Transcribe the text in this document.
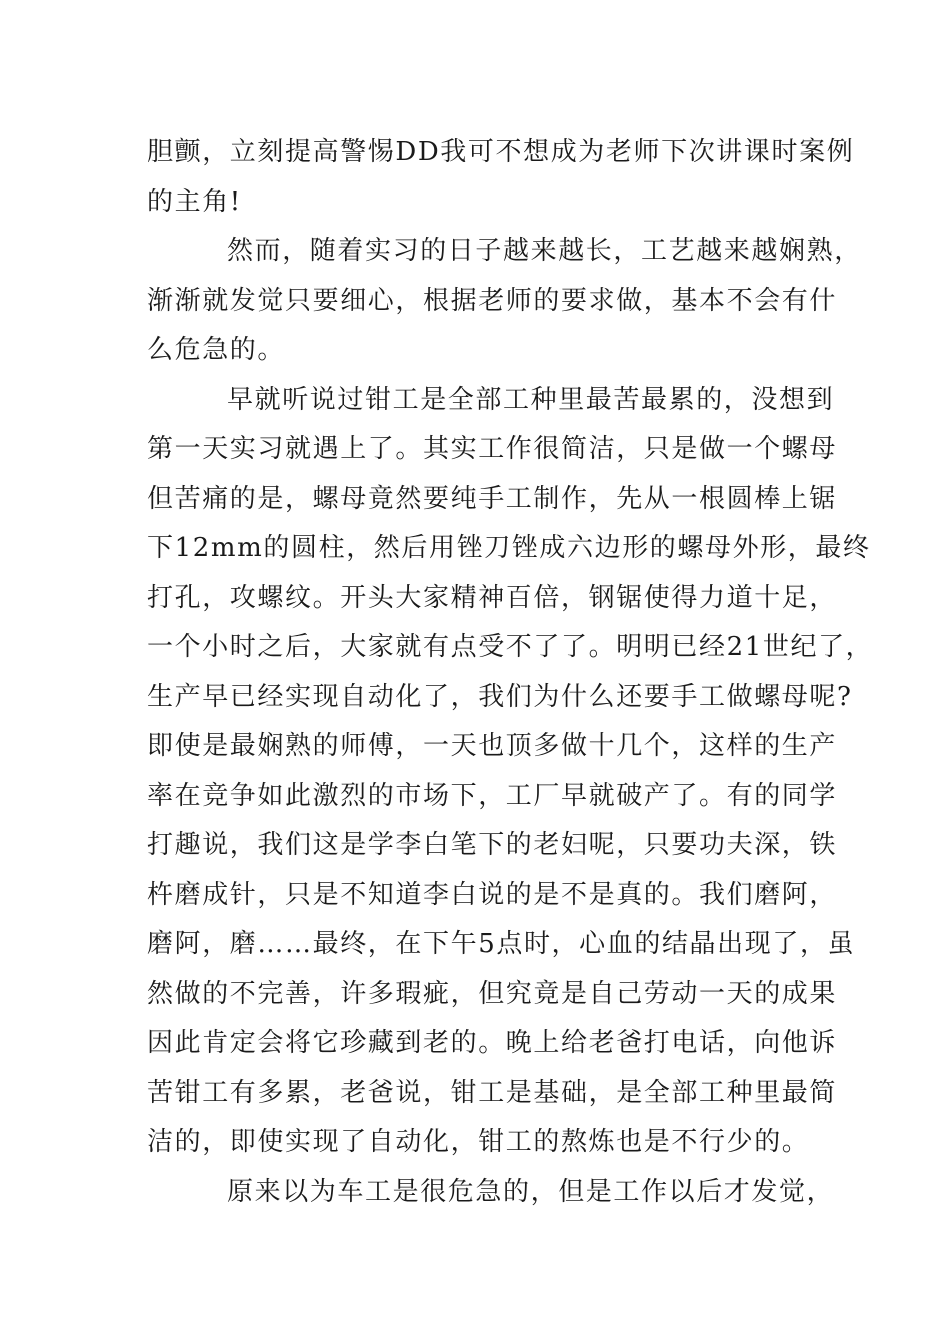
胆颤，立刻提高警惕DD我可不想成为老师下次讲课时案例
的主角!
然而，随着实习的日子越来越长，工艺越来越娴熟，
渐渐就发觉只要细心，根据老师的要求做，基本不会有什
么危急的。
早就听说过钳工是全部工种里最苦最累的，没想到
第一天实习就遇上了。其实工作很简洁，只是做一个螺母
但苦痛的是，螺母竟然要纯手工制作，先从一根圆棒上锯
下12mm的圆柱，然后用锉刀锉成六边形的螺母外形，最终
打孔，攻螺纹。开头大家精神百倍，钢锯使得力道十足，
一个小时之后，大家就有点受不了了。明明已经21世纪了，
生产早已经实现自动化了，我们为什么还要手工做螺母呢?
即使是最娴熟的师傅，一天也顶多做十几个，这样的生产
率在竞争如此激烈的市场下，工厂早就破产了。有的同学
打趣说，我们这是学李白笔下的老妇呢，只要功夫深，铁
杵磨成针，只是不知道李白说的是不是真的。我们磨阿，
磨阿，磨……最终，在下午5点时，心血的结晶出现了，虽
然做的不完善，许多瑕疵，但究竟是自己劳动一天的成果
因此肯定会将它珍藏到老的。晚上给老爸打电话，向他诉
苦钳工有多累，老爸说，钳工是基础，是全部工种里最简
洁的，即使实现了自动化，钳工的熬炼也是不行少的。
原来以为车工是很危急的，但是工作以后才发觉，
